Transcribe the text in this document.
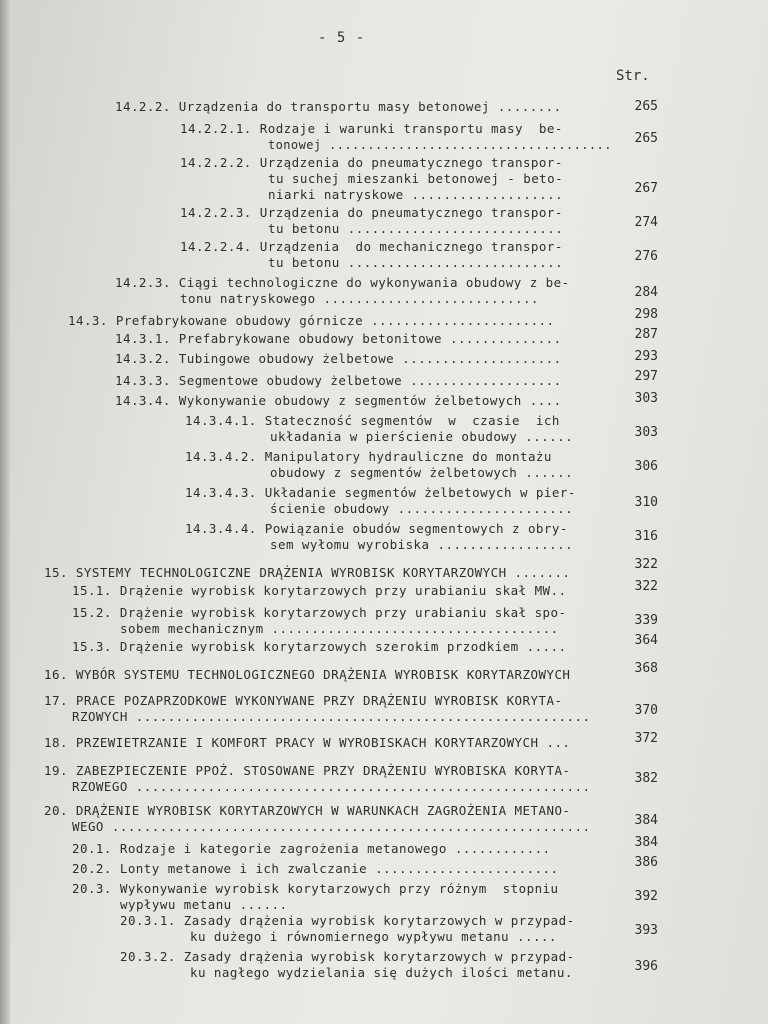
- 5 -
Str.
14.2.2. Urządzenia do transportu masy betonowej ........
14.2.2.1. Rodzaje i warunki transportu masy  be-
tonowej .....................................
14.2.2.2. Urządzenia do pneumatycznego transpor-
tu suchej mieszanki betonowej - beto-
niarki natryskowe ...................
14.2.2.3. Urządzenia do pneumatycznego transpor-
tu betonu ...........................
14.2.2.4. Urządzenia  do mechanicznego transpor-
tu betonu ...........................
14.2.3. Ciągi technologiczne do wykonywania obudowy z be-
tonu natryskowego ...........................
14.3. Prefabrykowane obudowy górnicze .......................
14.3.1. Prefabrykowane obudowy betonitowe ..............
14.3.2. Tubingowe obudowy żelbetowe ....................
14.3.3. Segmentowe obudowy żelbetowe ...................
14.3.4. Wykonywanie obudowy z segmentów żelbetowych ....
14.3.4.1. Stateczność segmentów  w  czasie  ich
układania w pierścienie obudowy ......
14.3.4.2. Manipulatory hydrauliczne do montażu
obudowy z segmentów żelbetowych ......
14.3.4.3. Układanie segmentów żelbetowych w pier-
ścienie obudowy ......................
14.3.4.4. Powiązanie obudów segmentowych z obry-
sem wyłomu wyrobiska .................
15. SYSTEMY TECHNOLOGICZNE DRĄŻENIA WYROBISK KORYTARZOWYCH .......
15.1. Drążenie wyrobisk korytarzowych przy urabianiu skał MW..
15.2. Drążenie wyrobisk korytarzowych przy urabianiu skał spo-
sobem mechanicznym ....................................
15.3. Drążenie wyrobisk korytarzowych szerokim przodkiem .....
16. WYBÓR SYSTEMU TECHNOLOGICZNEGO DRĄŻENIA WYROBISK KORYTARZOWYCH
17. PRACE POZAPRZODKOWE WYKONYWANE PRZY DRĄŻENIU WYROBISK KORYTA-
RZOWYCH .........................................................
18. PRZEWIETRZANIE I KOMFORT PRACY W WYROBISKACH KORYTARZOWYCH ...
19. ZABEZPIECZENIE PPOŻ. STOSOWANE PRZY DRĄŻENIU WYROBISKA KORYTA-
RZOWEGO .........................................................
20. DRĄŻENIE WYROBISK KORYTARZOWYCH W WARUNKACH ZAGROŻENIA METANO-
WEGO ............................................................
20.1. Rodzaje i kategorie zagrożenia metanowego ............
20.2. Lonty metanowe i ich zwalczanie .......................
20.3. Wykonywanie wyrobisk korytarzowych przy różnym  stopniu
wypływu metanu ......
20.3.1. Zasady drążenia wyrobisk korytarzowych w przypad-
ku dużego i równomiernego wypływu metanu .....
20.3.2. Zasady drążenia wyrobisk korytarzowych w przypad-
ku nagłego wydzielania się dużych ilości metanu.
265
265
267
274
276
284
298
287
293
297
303
303
306
310
316
322
322
339
364
368
370
372
382
384
384
386
392
393
396
